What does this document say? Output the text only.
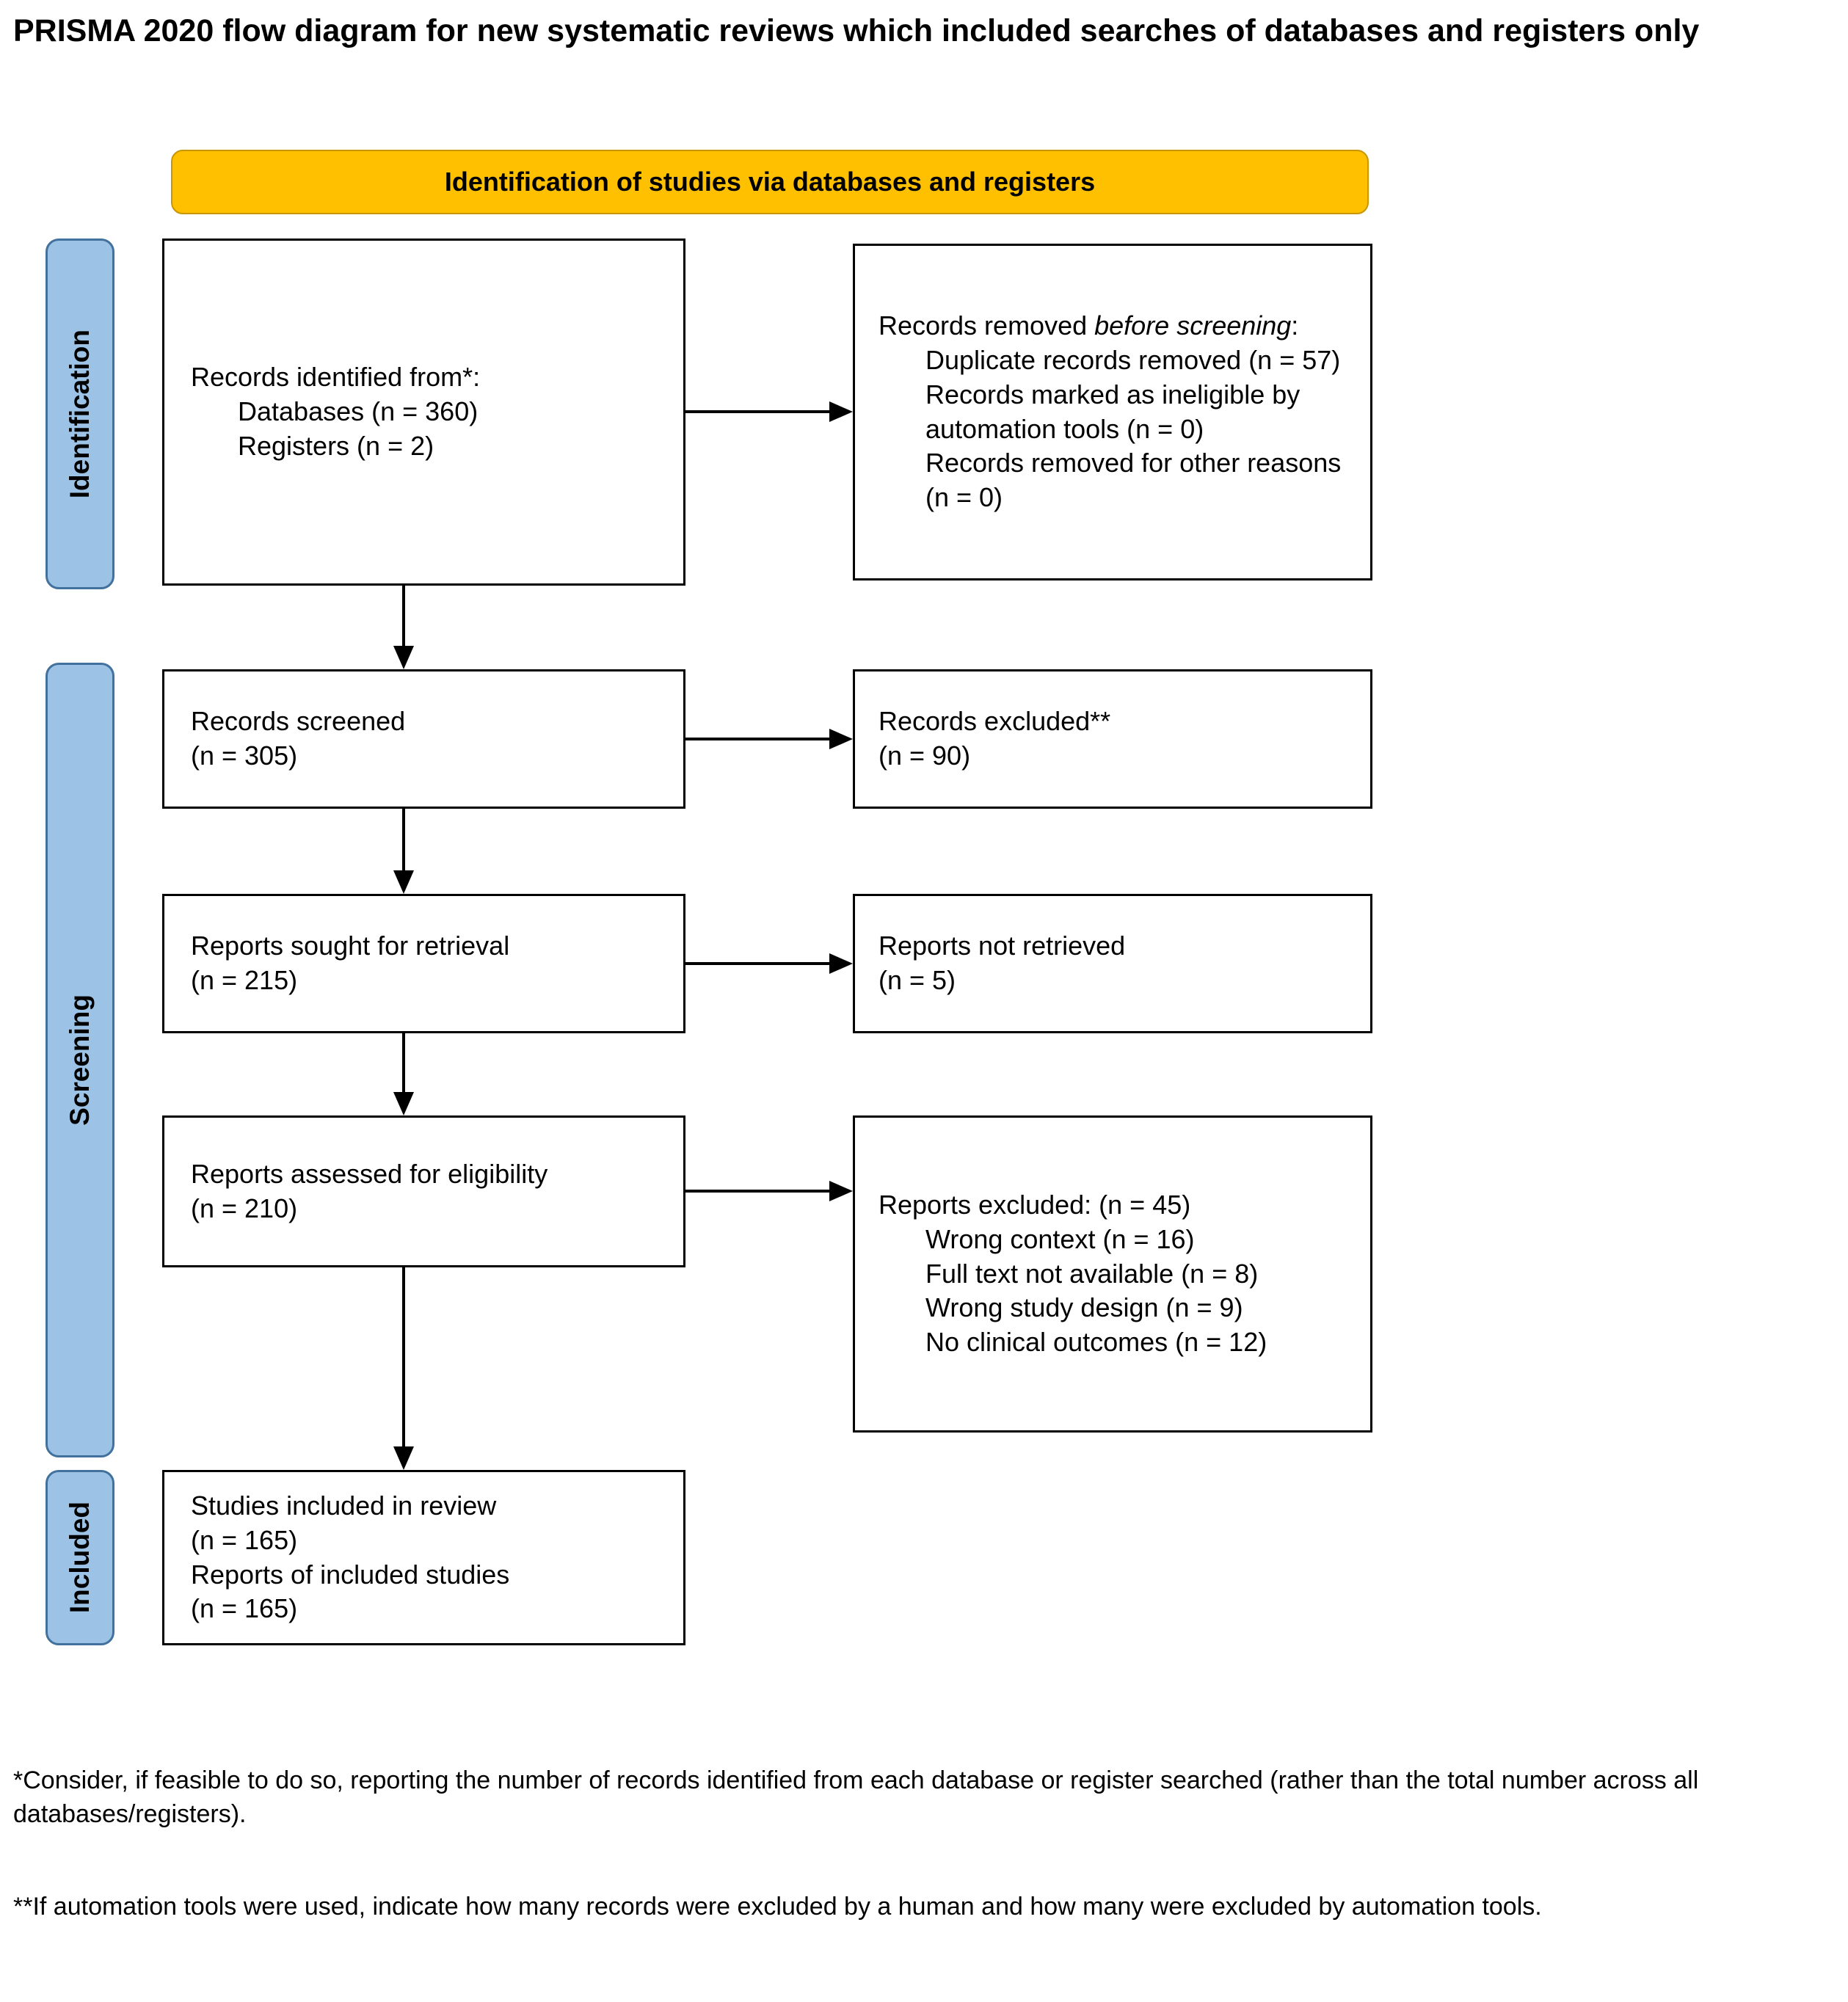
PRISMA 2020 flow diagram for new systematic reviews which included searches of databases and registers only
Identification of studies via databases and registers
Identification
Screening
Included
Records identified from*:
Databases (n = 360)
Registers (n = 2)
Records removed before screening:
Duplicate records removed (n = 57)
Records marked as ineligible by automation tools (n = 0)
Records removed for other reasons (n = 0)
Records screened
(n = 305)
Records excluded**
(n = 90)
Reports sought for retrieval
(n = 215)
Reports not retrieved
(n = 5)
Reports assessed for eligibility
(n = 210)	Reports excluded: (n = 45)
Wrong context (n = 16)
Full text not available (n = 8)
Wrong study design (n = 9)
No clinical outcomes (n = 12)
Studies included in review
(n = 165)
Reports of included studies
(n = 165)
*Consider, if feasible to do so, reporting the number of records identified from each database or register searched (rather than the total number across all databases/registers).
**If automation tools were used, indicate how many records were excluded by a human and how many were excluded by automation tools.
